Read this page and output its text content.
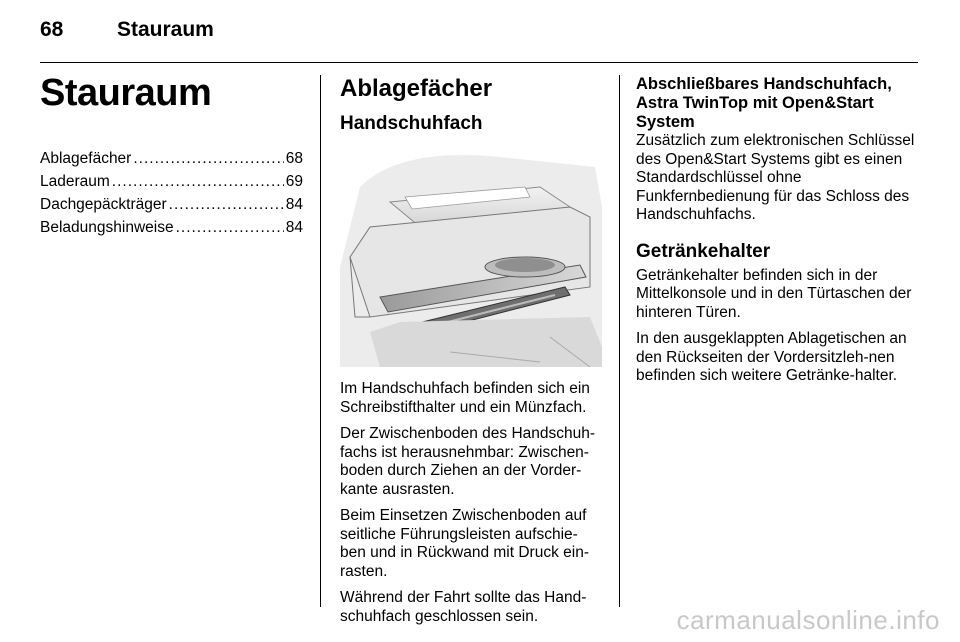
68	Stauraum
Stauraum
Ablagefächer .....	68
Laderaum .....	69
Dachgepäckträger .....	84
Beladungshinweise .....	84
Ablagefächer
Handschuhfach

Im Handschuhfach befinden sich ein Schreibstifthalter und ein Münzfach.

Der Zwischenboden des Handschuh-fachs ist herausnehmbar: Zwischen-boden durch Ziehen an der Vorder-kante ausrasten.

Beim Einsetzen Zwischenboden auf seitliche Führungsleisten aufschie-ben und in Rückwand mit Druck ein-rasten.

Während der Fahrt sollte das Hand-schuhfach geschlossen sein.

Abschließbares Handschuhfach, Astra TwinTop mit Open&Start System

Zusätzlich zum elektronischen Schlüssel des Open&Start Systems gibt es einen Standardschlüssel ohne Funkfernbedienung für das Schloss des Handschuhfachs.

Getränkehalter

Getränkehalter befinden sich in der Mittelkonsole und in den Türtaschen der hinteren Türen.

In den ausgeklappten Ablagetischen an den Rückseiten der Vordersitzleh-nen befinden sich weitere Getränke-halter.

carmanualsonline.info
